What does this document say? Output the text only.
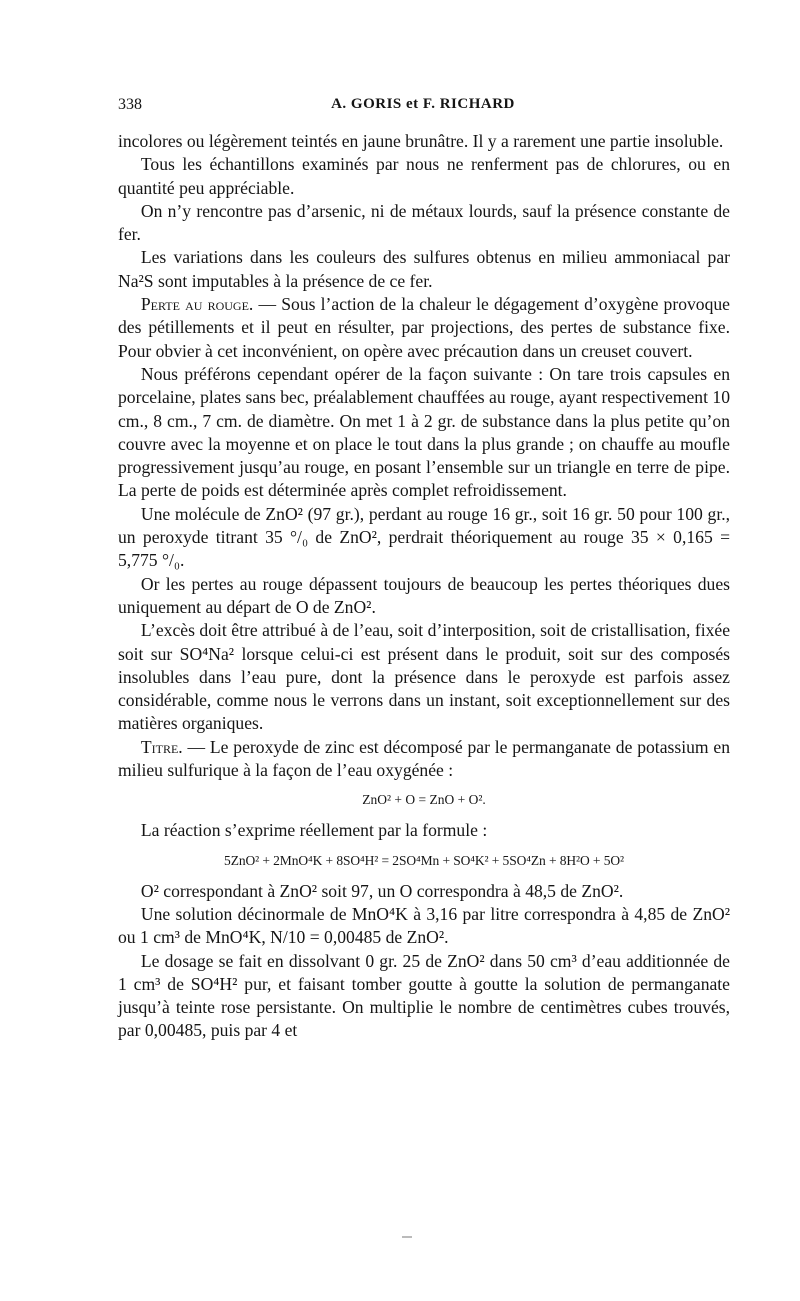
338	A. GORIS et F. RICHARD

incolores ou légèrement teintés en jaune brunâtre. Il y a rarement une partie insoluble.

Tous les échantillons examinés par nous ne renferment pas de chlorures, ou en quantité peu appréciable.

On n’y rencontre pas d’arsenic, ni de métaux lourds, sauf la présence constante de fer.

Les variations dans les couleurs des sulfures obtenus en milieu ammoniacal par Na²S sont imputables à la présence de ce fer.

Perte au rouge. — Sous l’action de la chaleur le dégagement d’oxygène provoque des pétillements et il peut en résulter, par projections, des pertes de substance fixe. Pour obvier à cet inconvénient, on opère avec précaution dans un creuset couvert.

Nous préférons cependant opérer de la façon suivante : On tare trois capsules en porcelaine, plates sans bec, préalablement chauffées au rouge, ayant respectivement 10 cm., 8 cm., 7 cm. de diamètre. On met 1 à 2 gr. de substance dans la plus petite qu’on couvre avec la moyenne et on place le tout dans la plus grande ; on chauffe au moufle progressivement jusqu’au rouge, en posant l’ensemble sur un triangle en terre de pipe. La perte de poids est déterminée après complet refroidissement.

Une molécule de ZnO² (97 gr.), perdant au rouge 16 gr., soit 16 gr. 50 pour 100 gr., un peroxyde titrant 35 °/₀ de ZnO², perdrait théoriquement au rouge 35 × 0,165 = 5,775 °/₀.

Or les pertes au rouge dépassent toujours de beaucoup les pertes théoriques dues uniquement au départ de O de ZnO².

L’excès doit être attribué à de l’eau, soit d’interposition, soit de cristallisation, fixée soit sur SO⁴Na² lorsque celui-ci est présent dans le produit, soit sur des composés insolubles dans l’eau pure, dont la présence dans le peroxyde est parfois assez considérable, comme nous le verrons dans un instant, soit exceptionnellement sur des matières organiques.

Titre. — Le peroxyde de zinc est décomposé par le permanganate de potassium en milieu sulfurique à la façon de l’eau oxygénée :

ZnO² + O = ZnO + O².

La réaction s’exprime réellement par la formule :

5ZnO² + 2MnO⁴K + 8SO⁴H² = 2SO⁴Mn + SO⁴K² + 5SO⁴Zn + 8H²O + 5O²

O² correspondant à ZnO² soit 97, un O correspondra à 48,5 de ZnO².

Une solution décinormale de MnO⁴K à 3,16 par litre correspondra à 4,85 de ZnO² ou 1 cm³ de MnO⁴K, N/10 = 0,00485 de ZnO².

Le dosage se fait en dissolvant 0 gr. 25 de ZnO² dans 50 cm³ d’eau additionnée de 1 cm³ de SO⁴H² pur, et faisant tomber goutte à goutte la solution de permanganate jusqu’à teinte rose persistante. On multiplie le nombre de centimètres cubes trouvés, par 0,00485, puis par 4 et
